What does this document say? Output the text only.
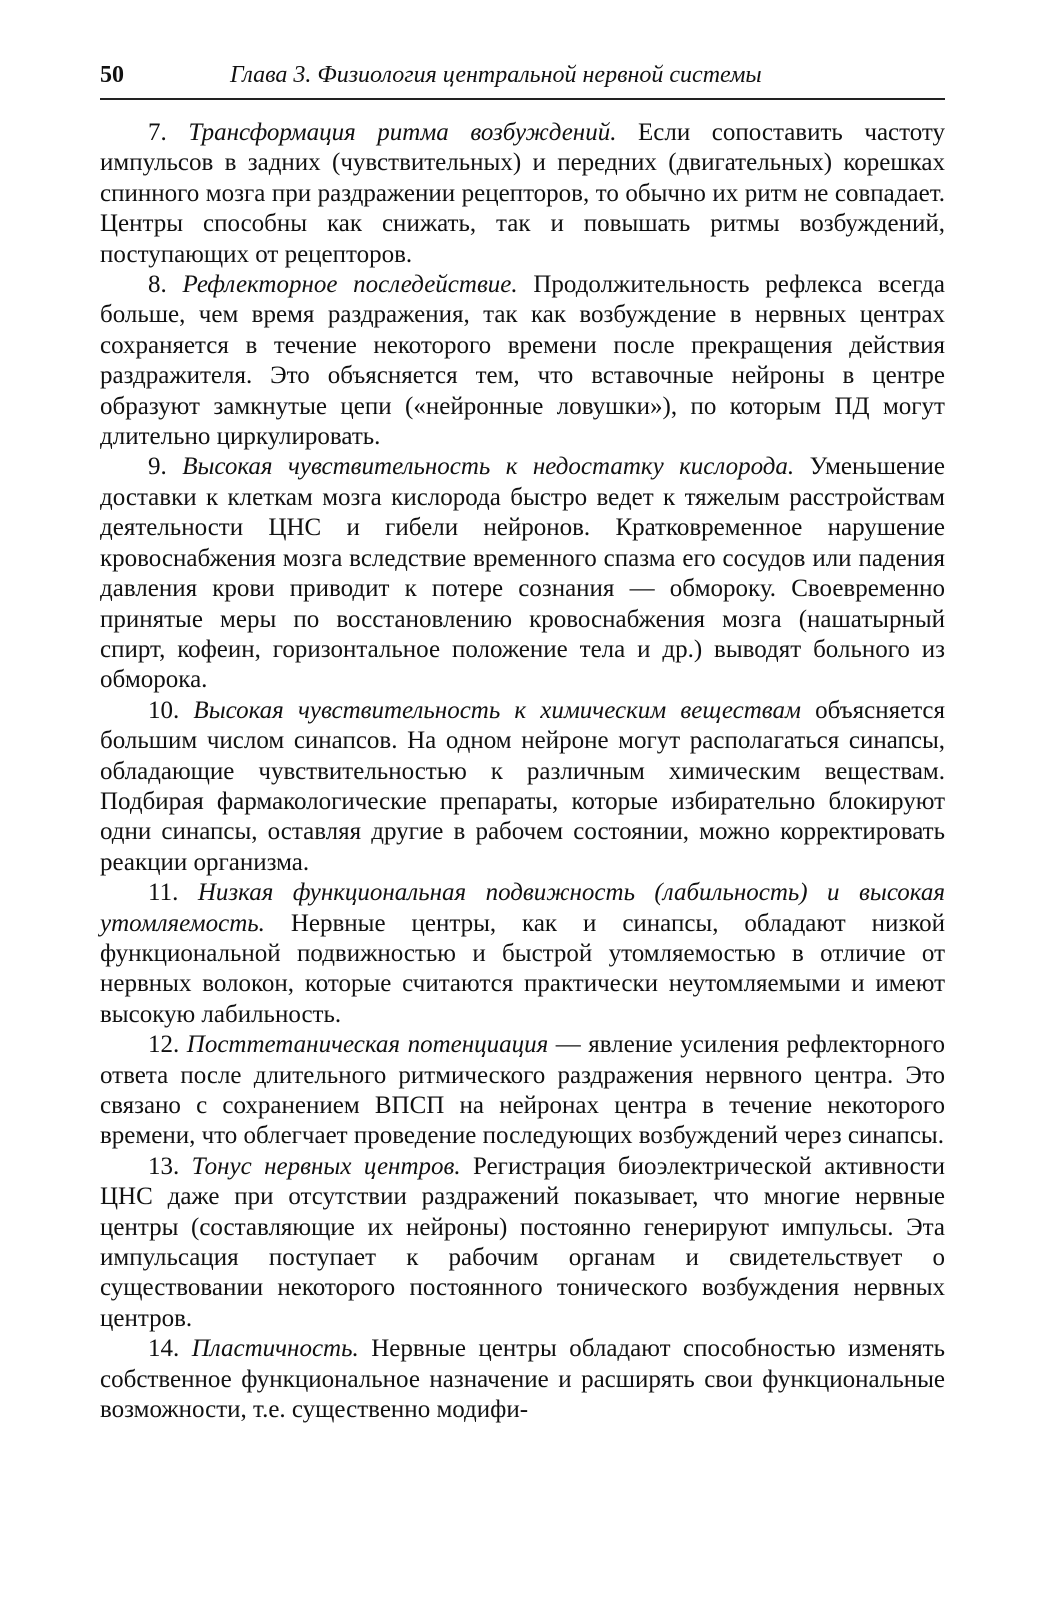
50	Глава 3. Физиология центральной нервной системы

7. Трансформация ритма возбуждений. Если сопоставить частоту импульсов в задних (чувствительных) и передних (двигательных) корешках спинного мозга при раздражении рецепторов, то обычно их ритм не совпадает. Центры способны как снижать, так и повышать ритмы возбуждений, поступающих от рецепторов.

8. Рефлекторное последействие. Продолжительность рефлекса всегда больше, чем время раздражения, так как возбуждение в нервных центрах сохраняется в течение некоторого времени после прекращения действия раздражителя. Это объясняется тем, что вставочные нейроны в центре образуют замкнутые цепи («нейронные ловушки»), по которым ПД могут длительно циркулировать.

9. Высокая чувствительность к недостатку кислорода. Уменьшение доставки к клеткам мозга кислорода быстро ведет к тяжелым расстройствам деятельности ЦНС и гибели нейронов. Кратковременное нарушение кровоснабжения мозга вследствие временного спазма его сосудов или падения давления крови приводит к потере сознания — обмороку. Своевременно принятые меры по восстановлению кровоснабжения мозга (нашатырный спирт, кофеин, горизонтальное положение тела и др.) выводят больного из обморока.

10. Высокая чувствительность к химическим веществам объясняется большим числом синапсов. На одном нейроне могут располагаться синапсы, обладающие чувствительностью к различным химическим веществам. Подбирая фармакологические препараты, которые избирательно блокируют одни синапсы, оставляя другие в рабочем состоянии, можно корректировать реакции организма.

11. Низкая функциональная подвижность (лабильность) и высокая утомляемость. Нервные центры, как и синапсы, обладают низкой функциональной подвижностью и быстрой утомляемостью в отличие от нервных волокон, которые считаются практически неутомляемыми и имеют высокую лабильность.

12. Посттетаническая потенциация — явление усиления рефлекторного ответа после длительного ритмического раздражения нервного центра. Это связано с сохранением ВПСП на нейронах центра в течение некоторого времени, что облегчает проведение последующих возбуждений через синапсы.

13. Тонус нервных центров. Регистрация биоэлектрической активности ЦНС даже при отсутствии раздражений показывает, что многие нервные центры (составляющие их нейроны) постоянно генерируют импульсы. Эта импульсация поступает к рабочим органам и свидетельствует о существовании некоторого постоянного тонического возбуждения нервных центров.

14. Пластичность. Нервные центры обладают способностью изменять собственное функциональное назначение и расширять свои функциональные возможности, т.е. существенно модифи-
